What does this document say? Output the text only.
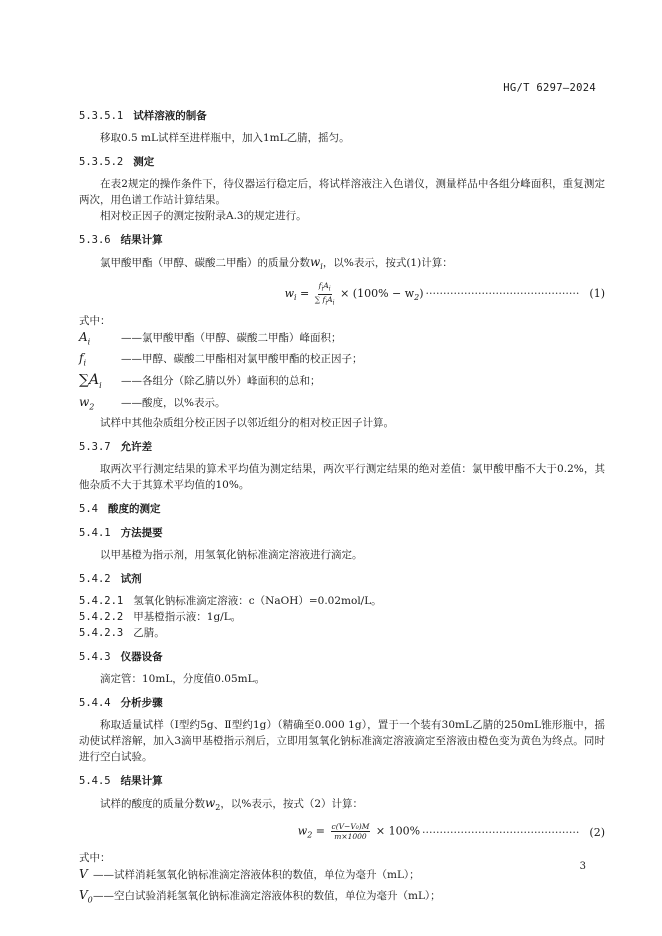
HG/T 6297—2024

5.3.5.1 试样溶液的制备

移取0.5 mL试样至进样瓶中，加入1mL乙腈，摇匀。

5.3.5.2 测定

在表2规定的操作条件下，待仪器运行稳定后，将试样溶液注入色谱仪，测量样品中各组分峰面积，重复测定两次，用色谱工作站计算结果。

相对校正因子的测定按附录A.3的规定进行。

5.3.6 结果计算

氯甲酸甲酯（甲醇、碳酸二甲酯）的质量分数$w_i$，以%表示，按式(1)计算：

$w_i = \frac{f_iA_i}{\sum f_iA_i} \times (100\% - w_2)$ ············································ (1)

式中：

$A_i$	——氯甲酸甲酯（甲醇、碳酸二甲酯）峰面积；
$f_i$	——甲醇、碳酸二甲酯相对氯甲酸甲酯的校正因子；
$\sum A_i$	——各组分（除乙腈以外）峰面积的总和；
$w_2$	——酸度，以%表示。

试样中其他杂质组分校正因子以邻近组分的相对校正因子计算。

5.3.7 允许差

取两次平行测定结果的算术平均值为测定结果，两次平行测定结果的绝对差值：氯甲酸甲酯不大于0.2%，其他杂质不大于其算术平均值的10%。

5.4 酸度的测定

5.4.1 方法提要

以甲基橙为指示剂，用氢氧化钠标准滴定溶液进行滴定。

5.4.2 试剂

5.4.2.1 氢氧化钠标准滴定溶液：c（NaOH）=0.02mol/L。

5.4.2.2 甲基橙指示液：1g/L。

5.4.2.3 乙腈。

5.4.3 仪器设备

滴定管：10mL，分度值0.05mL。

5.4.4 分析步骤

称取适量试样（Ⅰ型约5g、Ⅱ型约1g）（精确至0.000 1g），置于一个装有30mL乙腈的250mL锥形瓶中，摇动使试样溶解，加入3滴甲基橙指示剂后，立即用氢氧化钠标准滴定溶液滴定至溶液由橙色变为黄色为终点。同时进行空白试验。

5.4.5 结果计算

试样的酸度的质量分数$w_2$，以%表示，按式（2）计算：

$w_2 = \frac{\text{c(V−V₀)M}}{m\times 1000} \times 100\%$ ············································· (2)

式中：

V ——试样消耗氢氧化钠标准滴定溶液体积的数值，单位为毫升（mL）；
$V_0$ ——空白试验消耗氢氧化钠标准滴定溶液体积的数值，单位为毫升（mL）；
3
